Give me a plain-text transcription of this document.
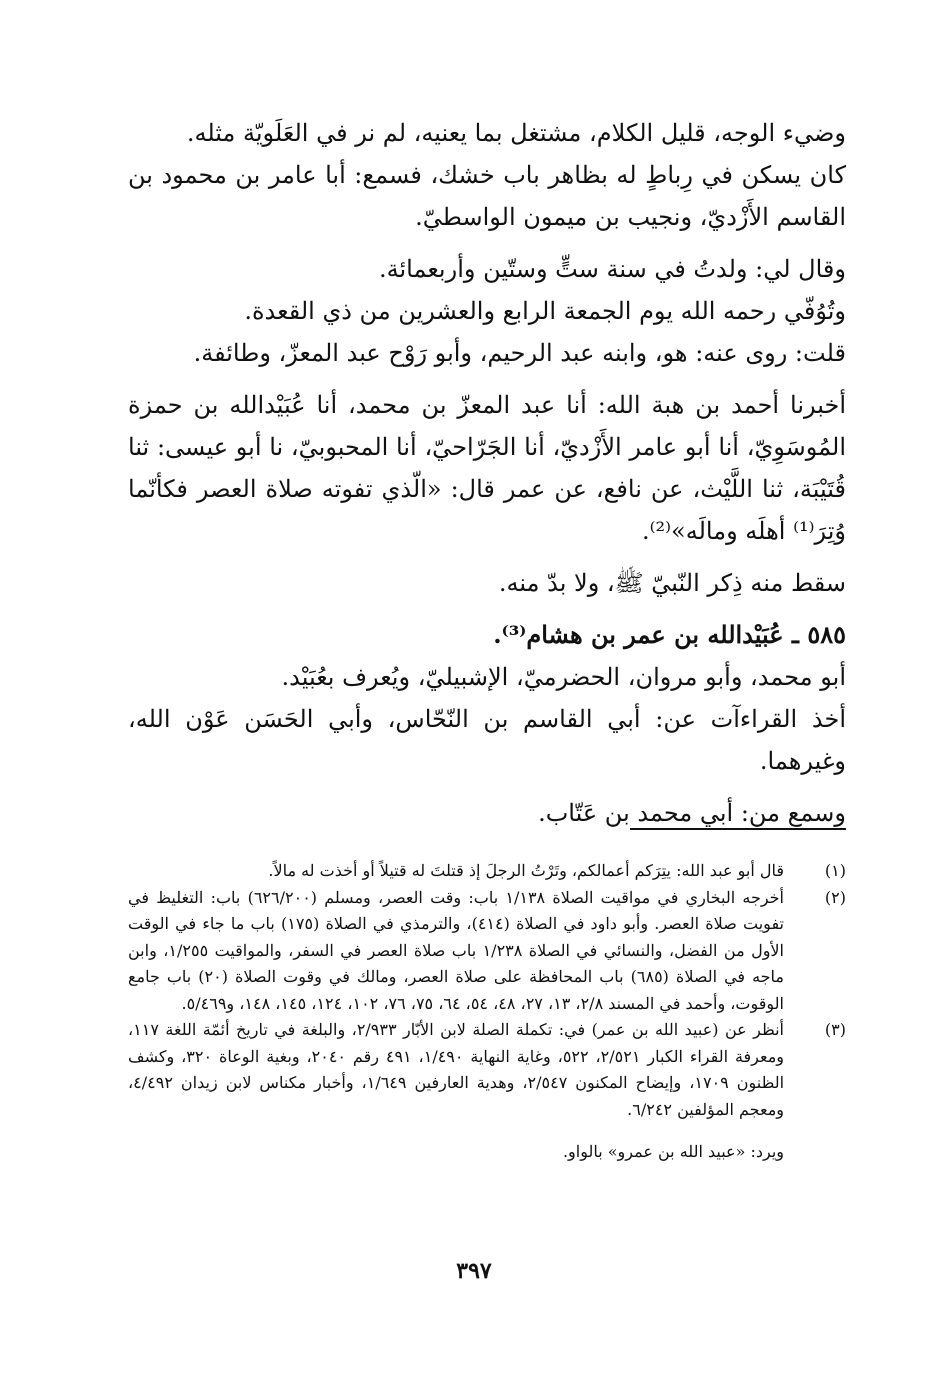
وضيء الوجه، قليل الكلام، مشتغل بما يعنيه، لم نر في العَلَويّة مثله.

كان يسكن في رِباطٍ له بظاهر باب خشك، فسمع: أبا عامر بن محمود بن القاسم الأَزْديّ، ونجيب بن ميمون الواسطيّ.

وقال لي: ولدتُ في سنة ستٍّ وستّين وأربعمائة.

وتُوُفّي رحمه الله يوم الجمعة الرابع والعشرين من ذي القعدة.

قلت: روى عنه: هو، وابنه عبد الرحيم، وأبو رَوْح عبد المعزّ، وطائفة.

أخبرنا أحمد بن هبة الله: أنا عبد المعزّ بن محمد، أنا عُبَيْدالله بن حمزة المُوسَوِيّ، أنا أبو عامر الأَزْديّ، أنا الجَرّاحيّ، أنا المحبوبيّ، نا أبو عيسى: ثنا قُتَيْبَة، ثنا اللَّيْث، عن نافع، عن عمر قال: «الّذي تفوته صلاة العصر فكأنّما وُتِرَ⁽¹⁾ أهلَه ومالَه»⁽²⁾.

سقط منه ذِكر النّبيّ ﷺ، ولا بدّ منه.

٥٨٥ ـ عُبَيْدالله بن عمر بن هشام⁽³⁾.

أبو محمد، وأبو مروان، الحضرميّ، الإشبيليّ، ويُعرف بعُبَيْد.

أخذ القراءآت عن: أبي القاسم بن النّحّاس، وأبي الحَسَن عَوْن الله، وغيرهما.

وسمع من: أبي محمد بن عَتّاب.

(١)
قال أبو عبد الله: يتِرَكم أعمالكم، وتَرْتُ الرجلَ إذ قتلتَ له قتيلاً أو أخذت له مالاً.

(٢)
أخرجه البخاري في مواقيت الصلاة ١/١٣٨ باب: وقت العصر، ومسلم (٦٢٦/٢٠٠) باب: التغليظ في تفويت صلاة العصر. وأبو داود في الصلاة (٤١٤)، والترمذي في الصلاة (١٧٥) باب ما جاء في الوقت الأول من الفضل، والنسائي في الصلاة ١/٢٣٨ باب صلاة العصر في السفر، والمواقيت ١/٢٥٥، وابن ماجه في الصلاة (٦٨٥) باب المحافظة على صلاة العصر، ومالك في وقوت الصلاة (٢٠) باب جامع الوقوت، وأحمد في المسند ٢/٨، ١٣، ٢٧، ٤٨، ٥٤، ٦٤، ٧٥، ٧٦، ١٠٢، ١٢٤، ١٤٥، ١٤٨، و٥/٤٦٩.

(٣)
أنظر عن (عبيد الله بن عمر) في: تكملة الصلة لابن الأبّار ٢/٩٣٣، والبلغة في تاريخ أئمّة اللغة ١١٧، ومعرفة القراء الكبار ٢/٥٢١، ٥٢٢، وغاية النهاية ١/٤٩٠، ٤٩١ رقم ٢٠٤٠، وبغية الوعاة ٣٢٠، وكشف الظنون ١٧٠٩، وإيضاح المكنون ٢/٥٤٧، وهدية العارفين ١/٦٤٩، وأخبار مكناس لابن زيدان ٤/٤٩٢، ومعجم المؤلفين ٦/٢٤٢.

ويرد: «عبيد الله بن عمرو» بالواو.

٣٩٧
